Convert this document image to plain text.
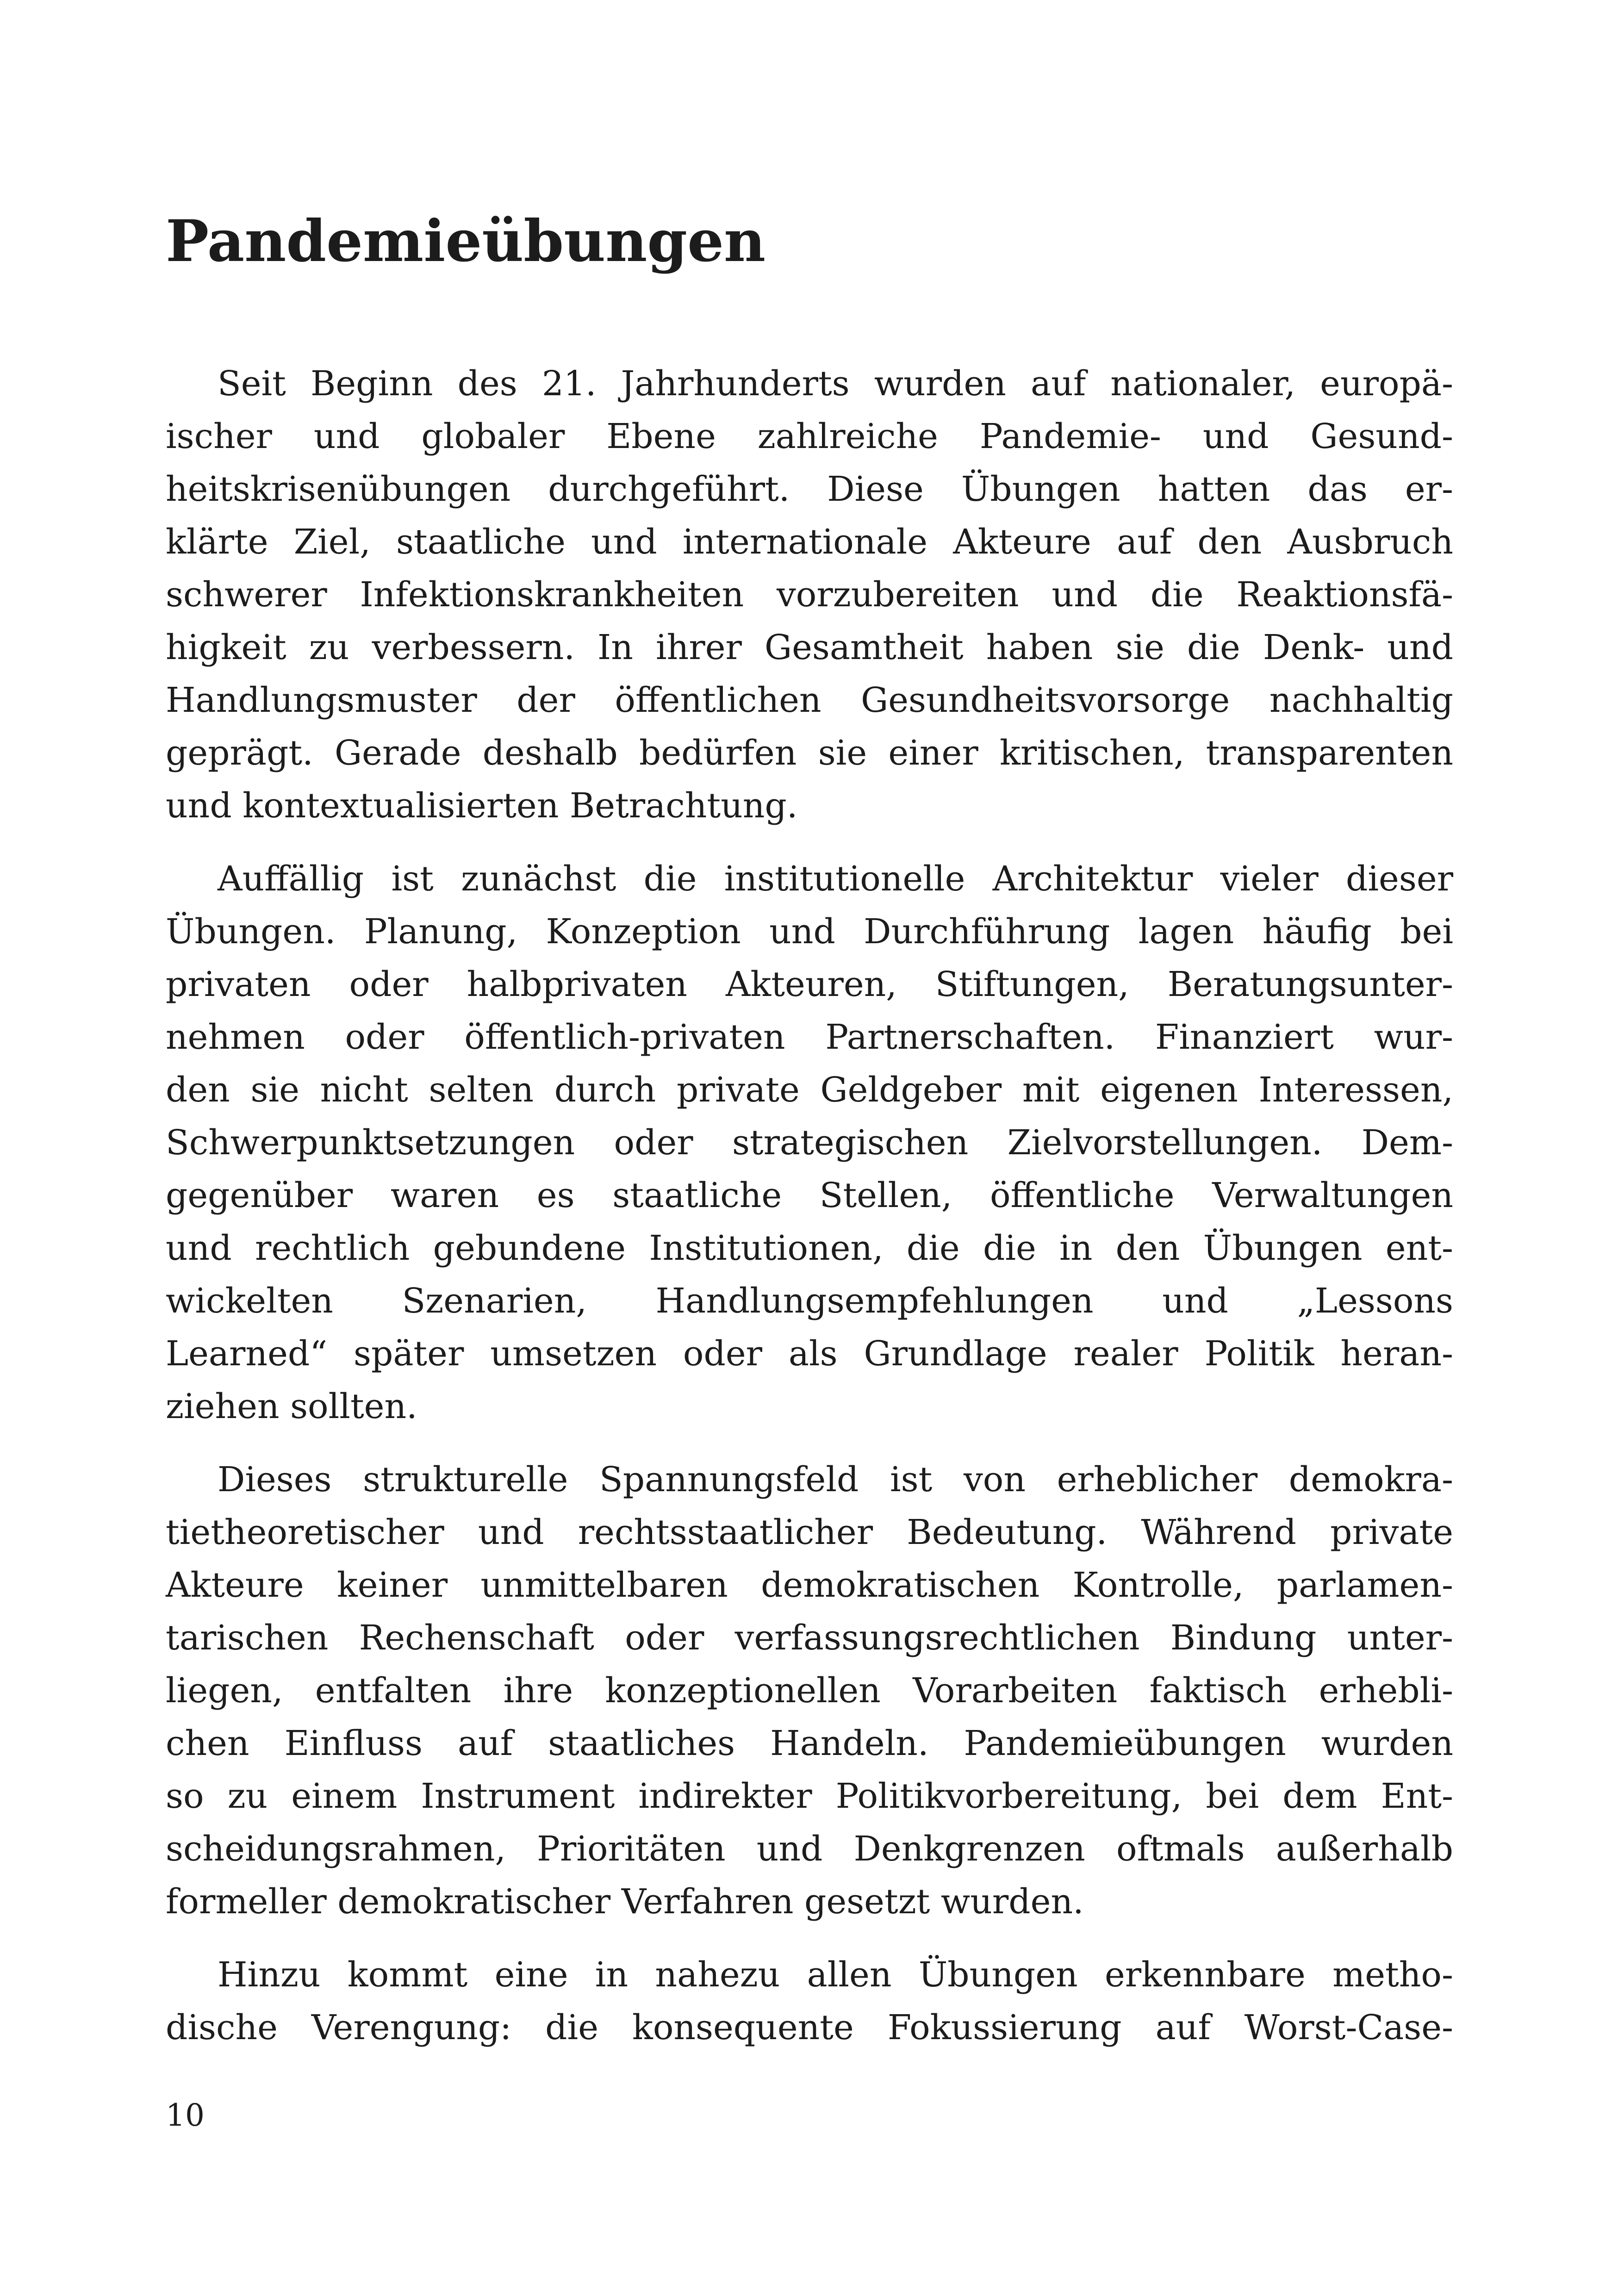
Pandemieübungen
Seit Beginn des 21. Jahrhunderts wurden auf nationaler, europä-
ischer und globaler Ebene zahlreiche Pandemie- und Gesund-
heitskrisenübungen durchgeführt. Diese Übungen hatten das er-
klärte Ziel, staatliche und internationale Akteure auf den Ausbruch
schwerer Infektionskrankheiten vorzubereiten und die Reaktionsfä-
higkeit zu verbessern. In ihrer Gesamtheit haben sie die Denk- und
Handlungsmuster der öffentlichen Gesundheitsvorsorge nachhaltig
geprägt. Gerade deshalb bedürfen sie einer kritischen, transparenten
und kontextualisierten Betrachtung.
Auffällig ist zunächst die institutionelle Architektur vieler dieser
Übungen. Planung, Konzeption und Durchführung lagen häufig bei
privaten oder halbprivaten Akteuren, Stiftungen, Beratungsunter-
nehmen oder öffentlich-privaten Partnerschaften. Finanziert wur-
den sie nicht selten durch private Geldgeber mit eigenen Interessen,
Schwerpunktsetzungen oder strategischen Zielvorstellungen. Dem-
gegenüber waren es staatliche Stellen, öffentliche Verwaltungen
und rechtlich gebundene Institutionen, die die in den Übungen ent-
wickelten Szenarien, Handlungsempfehlungen und „Lessons
Learned“ später umsetzen oder als Grundlage realer Politik heran-
ziehen sollten.
Dieses strukturelle Spannungsfeld ist von erheblicher demokra-
tietheoretischer und rechtsstaatlicher Bedeutung. Während private
Akteure keiner unmittelbaren demokratischen Kontrolle, parlamen-
tarischen Rechenschaft oder verfassungsrechtlichen Bindung unter-
liegen, entfalten ihre konzeptionellen Vorarbeiten faktisch erhebli-
chen Einfluss auf staatliches Handeln. Pandemieübungen wurden
so zu einem Instrument indirekter Politikvorbereitung, bei dem Ent-
scheidungsrahmen, Prioritäten und Denkgrenzen oftmals außerhalb
formeller demokratischer Verfahren gesetzt wurden.
Hinzu kommt eine in nahezu allen Übungen erkennbare metho-
dische Verengung: die konsequente Fokussierung auf Worst-Case-

10
